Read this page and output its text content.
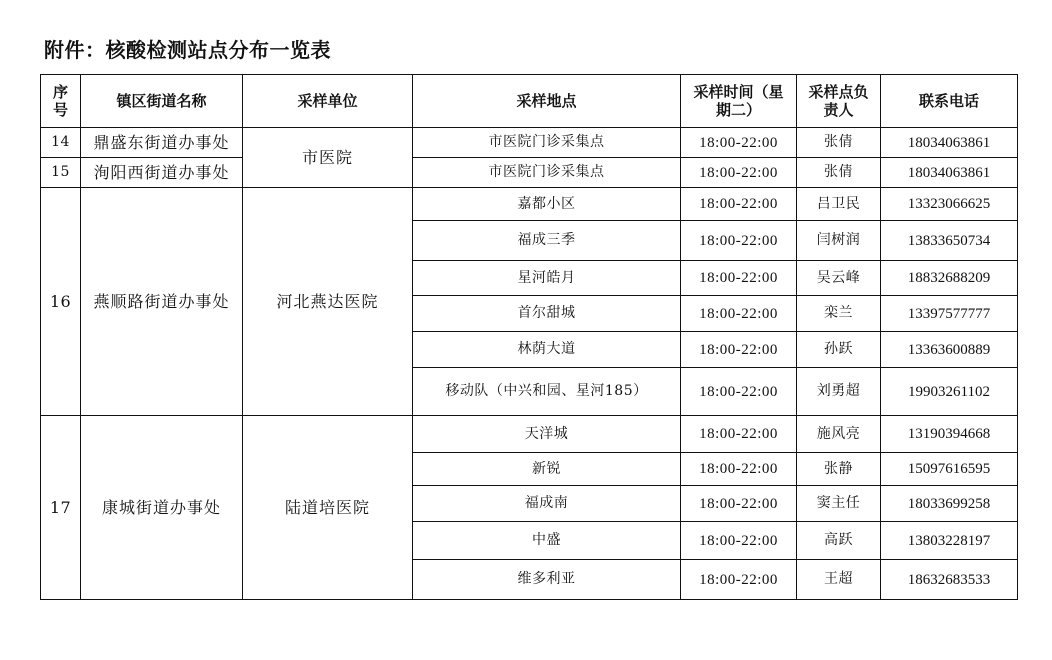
附件：核酸检测站点分布一览表
序号	镇区街道名称	采样单位	采样地点	采样时间（星期二）	采样点负责人	联系电话
14	鼎盛东街道办事处	市医院	市医院门诊采集点	18:00-22:00	张倩	18034063861
15	洵阳西街道办事处		市医院门诊采集点	18:00-22:00	张倩	18034063861
16	燕顺路街道办事处	河北燕达医院	嘉都小区	18:00-22:00	吕卫民	13323066625
			福成三季	18:00-22:00	闫树润	13833650734
			星河皓月	18:00-22:00	吴云峰	18832688209
			首尔甜城	18:00-22:00	栾兰	13397577777
			林荫大道	18:00-22:00	孙跃	13363600889
			移动队（中兴和园、星河185）	18:00-22:00	刘勇超	19903261102
17	康城街道办事处	陆道培医院	天洋城	18:00-22:00	施风亮	13190394668
			新锐	18:00-22:00	张静	15097616595
			福成南	18:00-22:00	窦主任	18033699258
			中盛	18:00-22:00	高跃	13803228197
			维多利亚	18:00-22:00	王超	18632683533
